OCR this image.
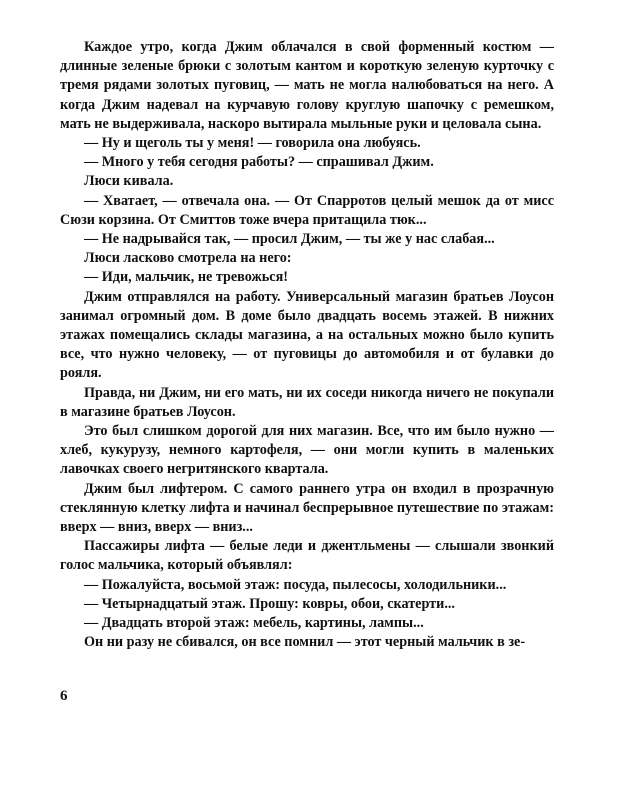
Каждое утро, когда Джим облачался в свой форменный костюм — длинные зеленые брюки с золотым кантом и короткую зеленую курточку с тремя рядами золотых пуговиц, — мать не могла налюбоваться на него. А когда Джим надевал на курчавую голову круглую шапочку с ремешком, мать не выдерживала, наскоро вытирала мыльные руки и целовала сына.

— Ну и щеголь ты у меня! — говорила она любуясь.

— Много у тебя сегодня работы? — спрашивал Джим.

Люси кивала.

— Хватает, — отвечала она. — От Спарротов целый мешок да от мисс Сюзи корзина. От Смиттов тоже вчера притащила тюк...

— Не надрывайся так, — просил Джим, — ты же у нас слабая...

Люси ласково смотрела на него:

— Иди, мальчик, не тревожься!

Джим отправлялся на работу. Универсальный магазин братьев Лоусон занимал огромный дом. В доме было двадцать восемь этажей. В нижних этажах помещались склады магазина, а на остальных можно было купить все, что нужно человеку, — от пуговицы до автомобиля и от булавки до рояля.

Правда, ни Джим, ни его мать, ни их соседи никогда ничего не покупали в магазине братьев Лоусон.

Это был слишком дорогой для них магазин. Все, что им было нужно — хлеб, кукурузу, немного картофеля, — они могли купить в маленьких лавочках своего негритянского квартала.

Джим был лифтером. С самого раннего утра он входил в прозрачную стеклянную клетку лифта и начинал беспрерывное путешествие по этажам: вверх — вниз, вверх — вниз...

Пассажиры лифта — белые леди и джентльмены — слышали звонкий голос мальчика, который объявлял:

— Пожалуйста, восьмой этаж: посуда, пылесосы, холодильники...

— Четырнадцатый этаж. Прошу: ковры, обои, скатерти...

— Двадцать второй этаж: мебель, картины, лампы...

Он ни разу не сбивался, он все помнил — этот черный мальчик в зе-

6
